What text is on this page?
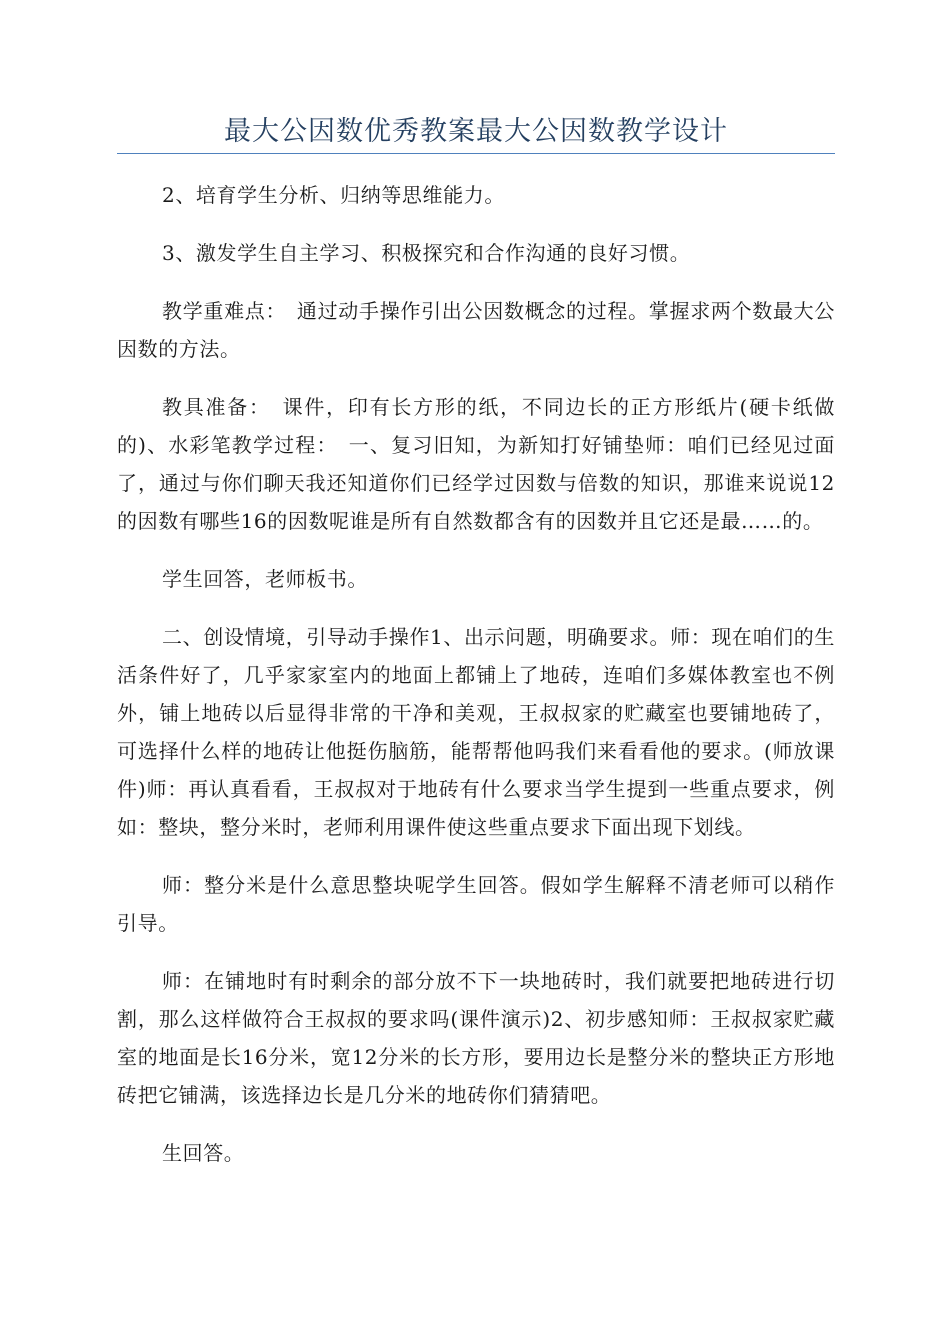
最大公因数优秀教案最大公因数教学设计

2、培育学生分析、归纳等思维能力。

3、激发学生自主学习、积极探究和合作沟通的良好习惯。

教学重难点：　通过动手操作引出公因数概念的过程。掌握求两个数最大公因数的方法。

教具准备：　课件，印有长方形的纸，不同边长的正方形纸片(硬卡纸做的)、水彩笔教学过程：　一、复习旧知，为新知打好铺垫师：咱们已经见过面了，通过与你们聊天我还知道你们已经学过因数与倍数的知识，那谁来说说12的因数有哪些16的因数呢谁是所有自然数都含有的因数并且它还是最……的。

学生回答，老师板书。

二、创设情境，引导动手操作1、出示问题，明确要求。师：现在咱们的生活条件好了，几乎家家室内的地面上都铺上了地砖，连咱们多媒体教室也不例外，铺上地砖以后显得非常的干净和美观，王叔叔家的贮藏室也要铺地砖了，可选择什么样的地砖让他挺伤脑筋，能帮帮他吗我们来看看他的要求。(师放课件)师：再认真看看，王叔叔对于地砖有什么要求当学生提到一些重点要求，例如：整块，整分米时，老师利用课件使这些重点要求下面出现下划线。

师：整分米是什么意思整块呢学生回答。假如学生解释不清老师可以稍作引导。

师：在铺地时有时剩余的部分放不下一块地砖时，我们就要把地砖进行切割，那么这样做符合王叔叔的要求吗(课件演示)2、初步感知师：王叔叔家贮藏室的地面是长16分米，宽12分米的长方形，要用边长是整分米的整块正方形地砖把它铺满，该选择边长是几分米的地砖你们猜猜吧。

生回答。
